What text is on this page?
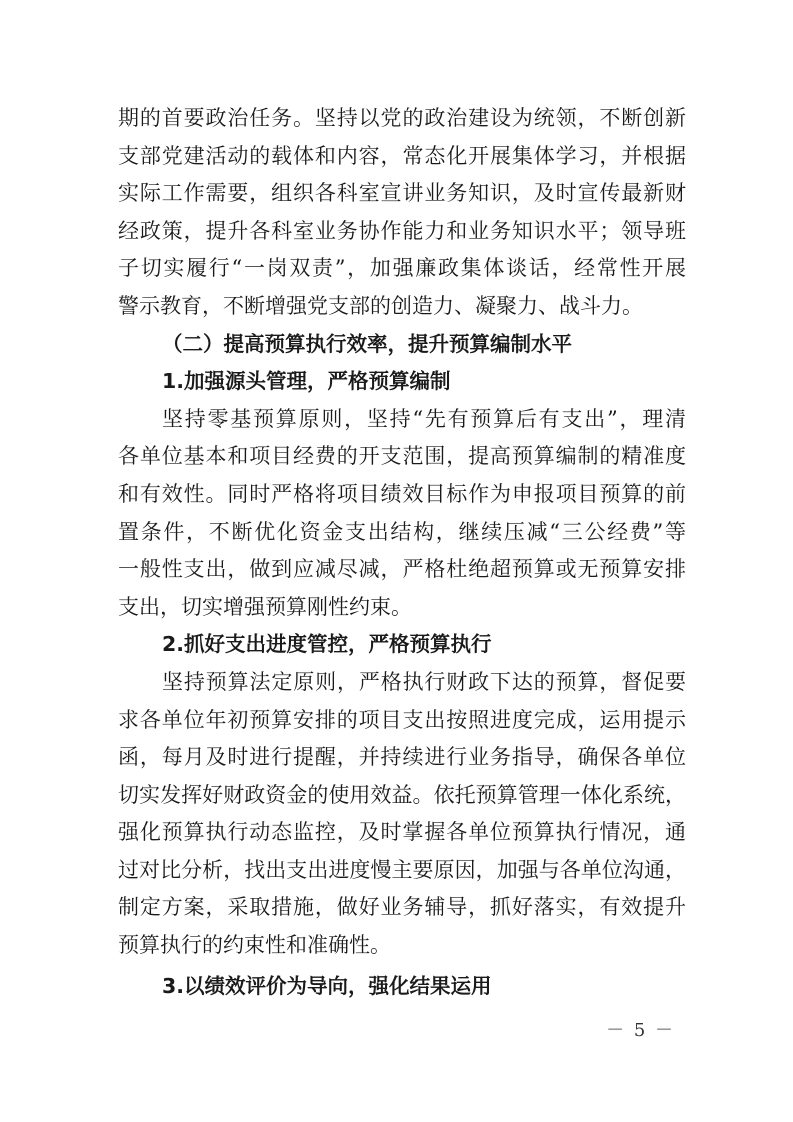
期的首要政治任务。坚持以党的政治建设为统领，不断创新
支部党建活动的载体和内容，常态化开展集体学习，并根据
实际工作需要，组织各科室宣讲业务知识，及时宣传最新财
经政策，提升各科室业务协作能力和业务知识水平；领导班
子切实履行“一岗双责”，加强廉政集体谈话，经常性开展
警示教育，不断增强党支部的创造力、凝聚力、战斗力。
（二）提高预算执行效率，提升预算编制水平
1.加强源头管理，严格预算编制
坚持零基预算原则，坚持“先有预算后有支出”，理清
各单位基本和项目经费的开支范围，提高预算编制的精准度
和有效性。同时严格将项目绩效目标作为申报项目预算的前
置条件，不断优化资金支出结构，继续压减“三公经费”等
一般性支出，做到应减尽减，严格杜绝超预算或无预算安排
支出，切实增强预算刚性约束。
2.抓好支出进度管控，严格预算执行
坚持预算法定原则，严格执行财政下达的预算，督促要
求各单位年初预算安排的项目支出按照进度完成，运用提示
函，每月及时进行提醒，并持续进行业务指导，确保各单位
切实发挥好财政资金的使用效益。依托预算管理一体化系统，
强化预算执行动态监控，及时掌握各单位预算执行情况，通
过对比分析，找出支出进度慢主要原因，加强与各单位沟通，
制定方案，采取措施，做好业务辅导，抓好落实，有效提升
预算执行的约束性和准确性。
3.以绩效评价为导向，强化结果运用
－ 5 －
